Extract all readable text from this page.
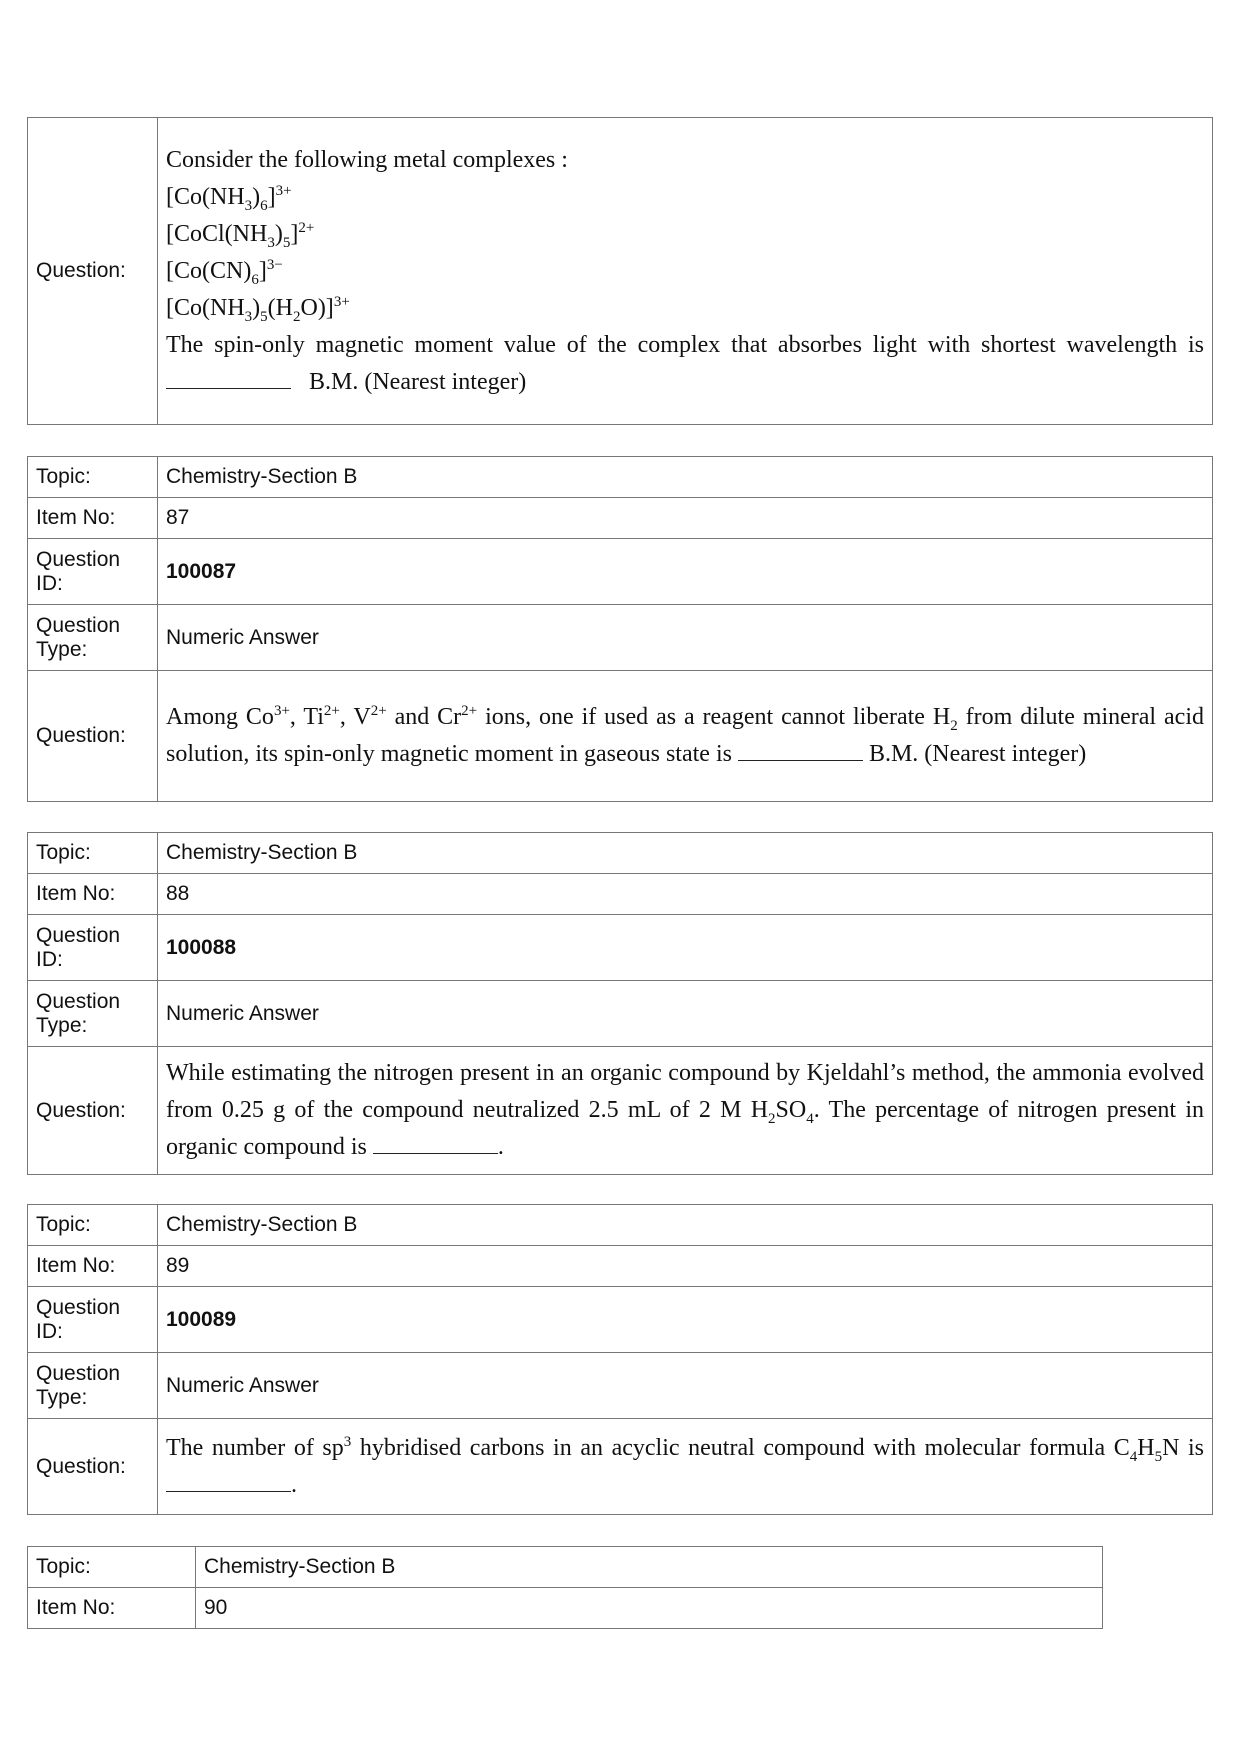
Question:	
Consider the following metal complexes :
$[Co(NH_3)_6]^{3+}$
$[CoCl(NH_3)_5]^{2+}$
$[Co(CN)_6]^{3-}$
$[Co(NH_3)_5(H_2O)]^{3+}$
The spin-only magnetic moment value of the complex that absorbes light with shortest wavelength is  B.M. (Nearest integer)
Topic:	Chemistry-Section B
Item No:	87
Question ID:	100087
Question Type:	Numeric Answer
Question:	Among $Co^{3+}$, $Ti^{2+}$, $V^{2+}$ and $Cr^{2+}$ ions, one if used as a reagent cannot liberate $H_2$ from dilute mineral acid solution, its spin-only magnetic moment in gaseous state is B.M. (Nearest integer)
Topic:	Chemistry-Section B
Item No:	88
Question ID:	100088
Question Type:	Numeric Answer
Question:	While estimating the nitrogen present in an organic compound by Kjeldahl’s method, the ammonia evolved from 0.25 g of the compound neutralized 2.5 mL of 2 M $H_2SO_4$. The percentage of nitrogen present in organic compound is .
Topic:	Chemistry-Section B
Item No:	89
Question ID:	100089
Question Type:	Numeric Answer
Question:	The number of $sp^3$ hybridised carbons in an acyclic neutral compound with molecular formula $C_4H_5N$ is .
Topic:	Chemistry-Section B
Item No:	90
